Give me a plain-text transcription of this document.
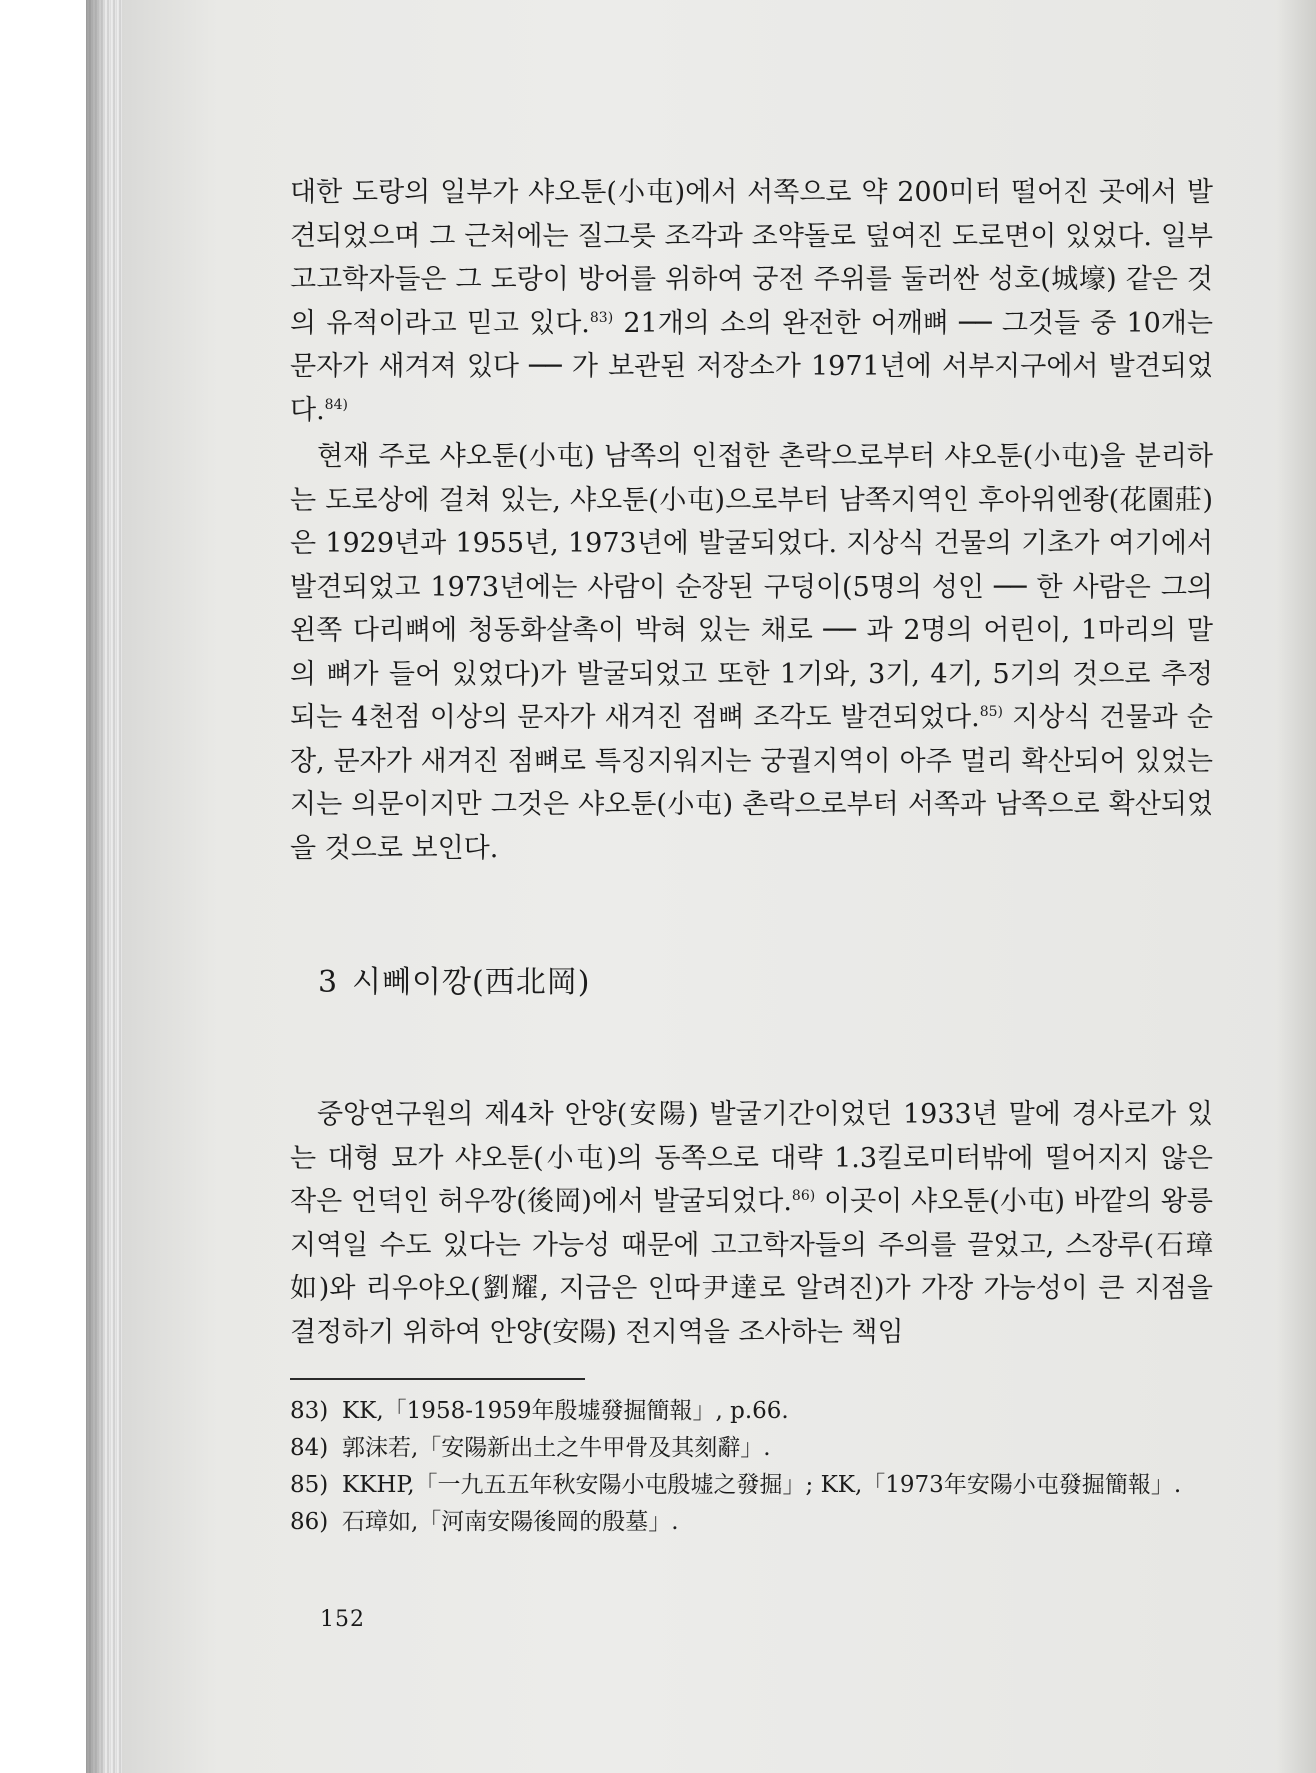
대한 도랑의 일부가 샤오툰(小屯)에서 서쪽으로 약 200미터 떨어진 곳에서 발견되었으며 그 근처에는 질그릇 조각과 조약돌로 덮여진 도로면이 있었다. 일부 고고학자들은 그 도랑이 방어를 위하여 궁전 주위를 둘러싼 성호(城壕) 같은 것의 유적이라고 믿고 있다.$^{83)}$ 21개의 소의 완전한 어깨뼈 ── 그것들 중 10개는 문자가 새겨져 있다 ── 가 보관된 저장소가 1971년에 서부지구에서 발견되었다.$^{84)}$

현재 주로 샤오툰(小屯) 남쪽의 인접한 촌락으로부터 샤오툰(小屯)을 분리하는 도로상에 걸쳐 있는, 샤오툰(小屯)으로부터 남쪽지역인 후아위엔좡(花園莊)은 1929년과 1955년, 1973년에 발굴되었다. 지상식 건물의 기초가 여기에서 발견되었고 1973년에는 사람이 순장된 구덩이(5명의 성인 ── 한 사람은 그의 왼쪽 다리뼈에 청동화살촉이 박혀 있는 채로 ── 과 2명의 어린이, 1마리의 말의 뼈가 들어 있었다)가 발굴되었고 또한 1기와, 3기, 4기, 5기의 것으로 추정되는 4천점 이상의 문자가 새겨진 점뼈 조각도 발견되었다.$^{85)}$ 지상식 건물과 순장, 문자가 새겨진 점뼈로 특징지워지는 궁궐지역이 아주 멀리 확산되어 있었는지는 의문이지만 그것은 샤오툰(小屯) 촌락으로부터 서쪽과 남쪽으로 확산되었을 것으로 보인다.

3 시뻬이깡(西北岡)

중앙연구원의 제4차 안양(安陽) 발굴기간이었던 1933년 말에 경사로가 있는 대형 묘가 샤오툰(小屯)의 동쪽으로 대략 1.3킬로미터밖에 떨어지지 않은 작은 언덕인 허우깡(後岡)에서 발굴되었다.$^{86)}$ 이곳이 샤오툰(小屯) 바깥의 왕릉지역일 수도 있다는 가능성 때문에 고고학자들의 주의를 끌었고, 스장루(石璋如)와 리우야오(劉耀, 지금은 인따尹達로 알려진)가 가장 가능성이 큰 지점을 결정하기 위하여 안양(安陽) 전지역을 조사하는 책임

83) KK,「1958-1959年殷墟發掘簡報」, p.66.
84) 郭沫若,「安陽新出土之牛甲骨及其刻辭」.
85) KKHP,「一九五五年秋安陽小屯殷墟之發掘」; KK,「1973年安陽小屯發掘簡報」.
86) 石璋如,「河南安陽後岡的殷墓」.
152
